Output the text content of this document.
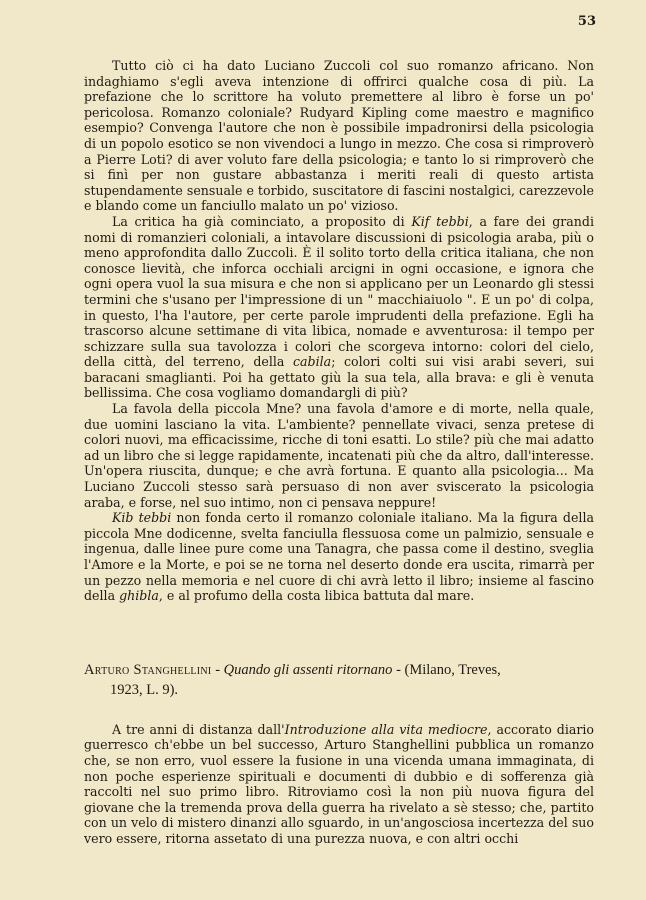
53

Tutto ciò ci ha dato Luciano Zuccoli col suo romanzo africano. Non indaghiamo s'egli aveva intenzione di offrirci qualche cosa di più. La prefazione che lo scrittore ha voluto premettere al libro è forse un po' pericolosa. Romanzo coloniale? Rudyard Kipling come maestro e magnifico esempio? Convenga l'autore che non è possibile impadronirsi della psicologia di un popolo esotico se non vivendoci a lungo in mezzo. Che cosa si rimproverò a Pierre Loti? di aver voluto fare della psicologia; e tanto lo si rimproverò che si finì per non gustare abbastanza i meriti reali di questo artista stupendamente sensuale e torbido, suscitatore di fascini nostalgici, carezzevole e blando come un fanciullo malato un po' vizioso.

La critica ha già cominciato, a proposito di Kif tebbi, a fare dei grandi nomi di romanzieri coloniali, a intavolare discussioni di psicologia araba, più o meno approfondita dallo Zuccoli. È il solito torto della critica italiana, che non conosce lievità, che inforca occhiali arcigni in ogni occasione, e ignora che ogni opera vuol la sua misura e che non si applicano per un Leonardo gli stessi termini che s'usano per l'impressione di un " macchiaiuolo ". E un po' di colpa, in questo, l'ha l'autore, per certe parole imprudenti della prefazione. Egli ha trascorso alcune settimane di vita libica, nomade e avventurosa: il tempo per schizzare sulla sua tavolozza i colori che scorgeva intorno: colori del cielo, della città, del terreno, della cabila; colori colti sui visi arabi severi, sui baracani smaglianti. Poi ha gettato giù la sua tela, alla brava: e gli è venuta bellissima. Che cosa vogliamo domandargli di più?

La favola della piccola Mne? una favola d'amore e di morte, nella quale, due uomini lasciano la vita. L'ambiente? pennellate vivaci, senza pretese di colori nuovi, ma efficacissime, ricche di toni esatti. Lo stile? più che mai adatto ad un libro che si legge rapidamente, incatenati più che da altro, dall'interesse. Un'opera riuscita, dunque; e che avrà fortuna. E quanto alla psicologia... Ma Luciano Zuccoli stesso sarà persuaso di non aver sviscerato la psicologia araba, e forse, nel suo intimo, non ci pensava neppure!

Kib tebbi non fonda certo il romanzo coloniale italiano. Ma la figura della piccola Mne dodicenne, svelta fanciulla flessuosa come un palmizio, sensuale e ingenua, dalle linee pure come una Tanagra, che passa come il destino, sveglia l'Amore e la Morte, e poi se ne torna nel deserto donde era uscita, rimarrà per un pezzo nella memoria e nel cuore di chi avrà letto il libro; insieme al fascino della ghibla, e al profumo della costa libica battuta dal mare.

Arturo Stanghellini - Quando gli assenti ritornano - (Milano, Treves,
1923, L. 9).

A tre anni di distanza dall'Introduzione alla vita mediocre, accorato diario guerresco ch'ebbe un bel successo, Arturo Stanghellini pubblica un romanzo che, se non erro, vuol essere la fusione in una vicenda umana immaginata, di non poche esperienze spirituali e documenti di dubbio e di sofferenza già raccolti nel suo primo libro. Ritroviamo così la non più nuova figura del giovane che la tremenda prova della guerra ha rivelato a sè stesso; che, partito con un velo di mistero dinanzi allo sguardo, in un'angosciosa incertezza del suo vero essere, ritorna assetato di una purezza nuova, e con altri occhi
